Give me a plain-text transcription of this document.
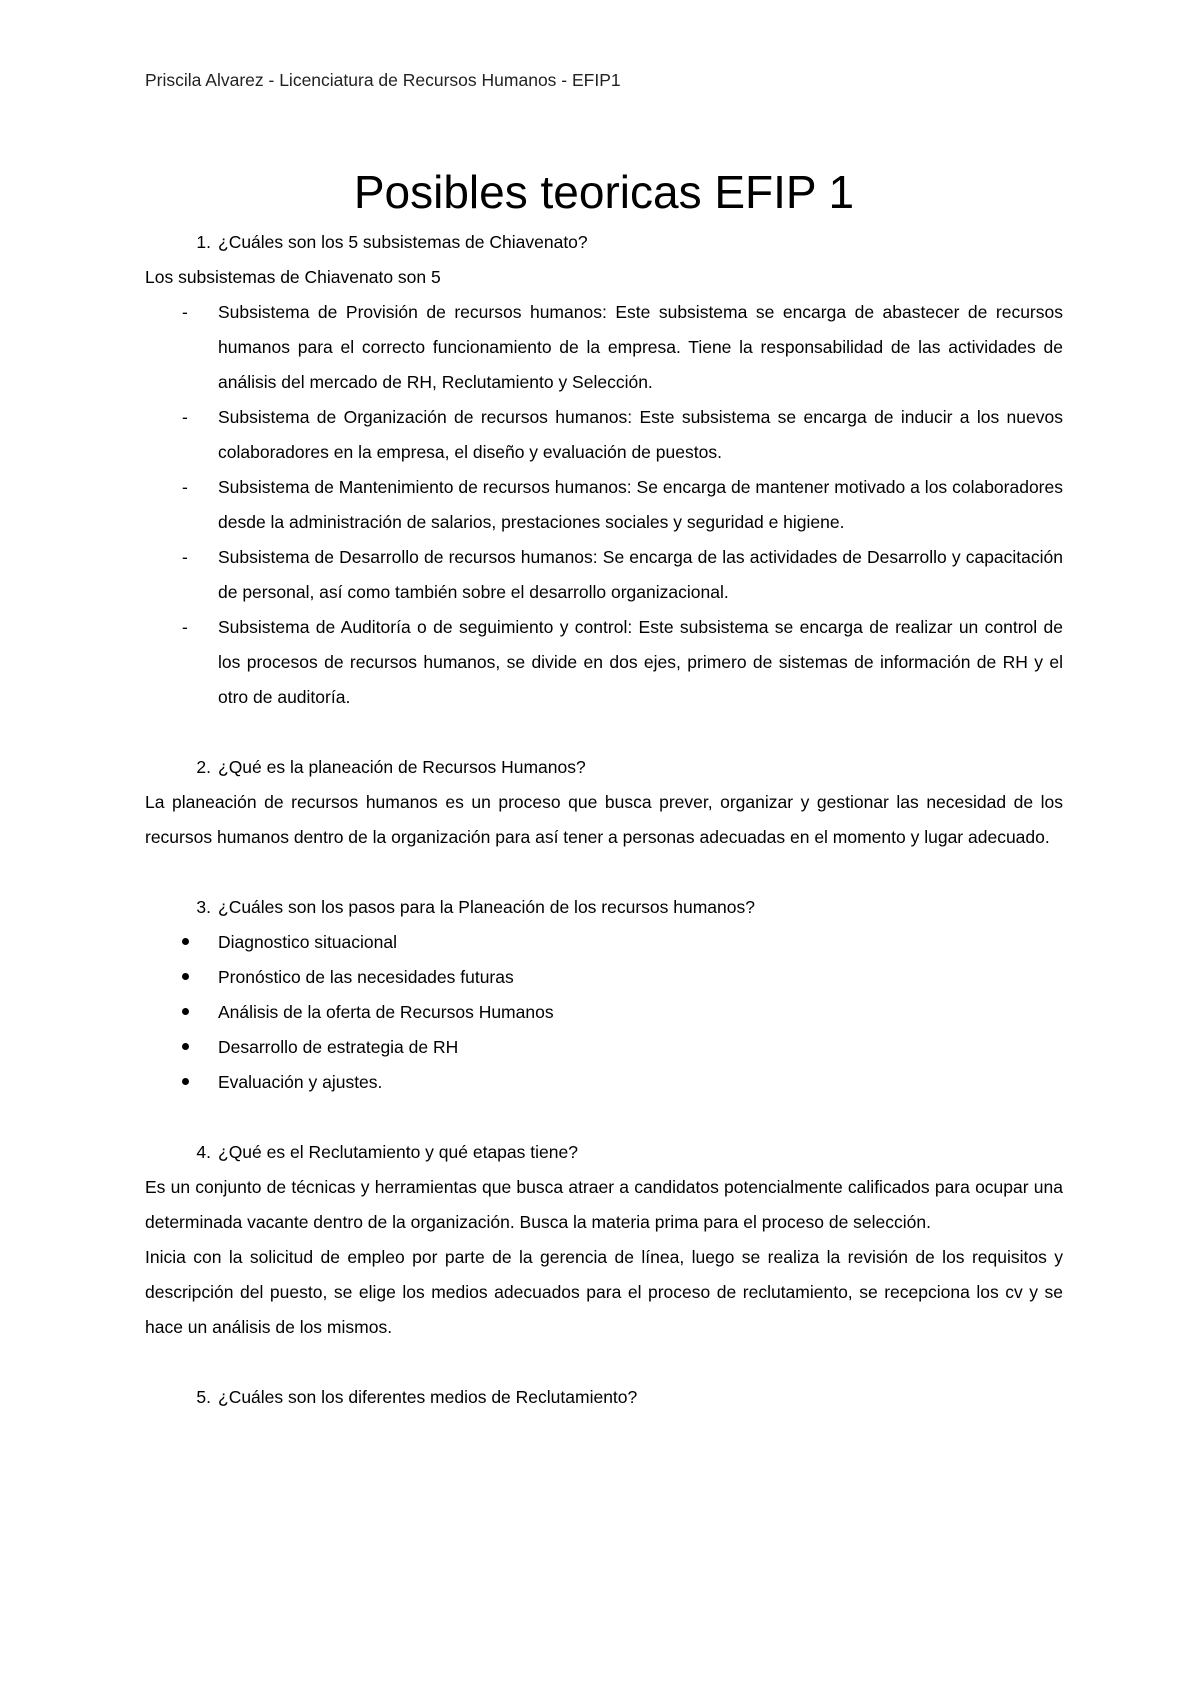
Priscila Alvarez - Licenciatura de Recursos Humanos - EFIP1

Posibles teoricas EFIP 1
1. ¿Cuáles son los 5 subsistemas de Chiavenato?

Los subsistemas de Chiavenato son 5

-	Subsistema de Provisión de recursos humanos: Este subsistema se encarga de abastecer de recursos humanos para el correcto funcionamiento de la empresa. Tiene la responsabilidad de las actividades de análisis del mercado de RH, Reclutamiento y Selección.
-	Subsistema de Organización de recursos humanos: Este subsistema se encarga de inducir a los nuevos colaboradores en la empresa, el diseño y evaluación de puestos.
-	Subsistema de Mantenimiento de recursos humanos: Se encarga de mantener motivado a los colaboradores desde la administración de salarios, prestaciones sociales y seguridad e higiene.
-	Subsistema de Desarrollo de recursos humanos: Se encarga de las actividades de Desarrollo y capacitación de personal, así como también sobre el desarrollo organizacional.
-	Subsistema de Auditoría o de seguimiento y control: Este subsistema se encarga de realizar un control de los procesos de recursos humanos, se divide en dos ejes, primero de sistemas de información de RH y el otro de auditoría.
2. ¿Qué es la planeación de Recursos Humanos?

La planeación de recursos humanos es un proceso que busca prever, organizar y gestionar las necesidad de los recursos humanos dentro de la organización para así tener a personas adecuadas en el momento y lugar adecuado.

3. ¿Cuáles son los pasos para la Planeación de los recursos humanos?
Diagnostico situacional
Pronóstico de las necesidades futuras
Análisis de la oferta de Recursos Humanos
Desarrollo de estrategia de RH
Evaluación y ajustes.
4. ¿Qué es el Reclutamiento y qué etapas tiene?

Es un conjunto de técnicas y herramientas que busca atraer a candidatos potencialmente calificados para ocupar una determinada vacante dentro de la organización. Busca la materia prima para el proceso de selección.

Inicia con la solicitud de empleo por parte de la gerencia de línea, luego se realiza la revisión de los requisitos y descripción del puesto, se elige los medios adecuados para el proceso de reclutamiento, se recepciona los cv y se hace un análisis de los mismos.

5. ¿Cuáles son los diferentes medios de Reclutamiento?
